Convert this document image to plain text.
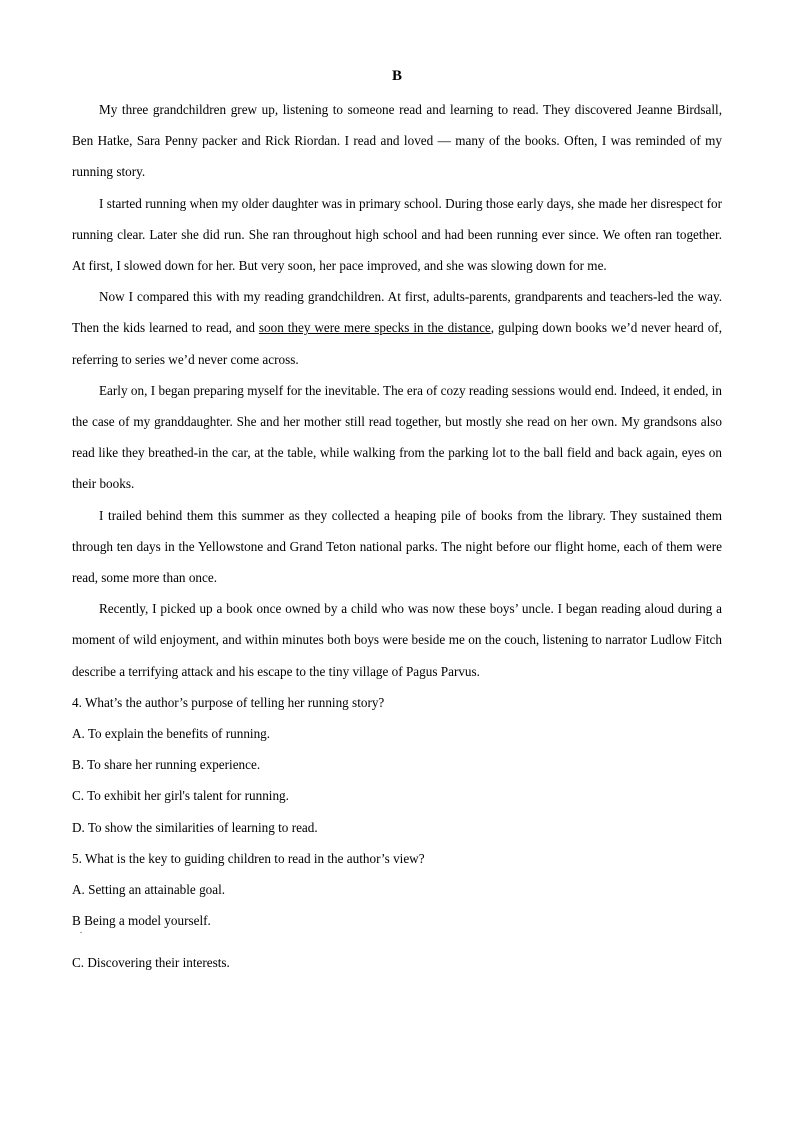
B

My three grandchildren grew up, listening to someone read and learning to read. They discovered Jeanne Birdsall, Ben Hatke, Sara Penny packer and Rick Riordan. I read and loved — many of the books. Often, I was reminded of my running story.

I started running when my older daughter was in primary school. During those early days, she made her disrespect for running clear. Later she did run. She ran throughout high school and had been running ever since. We often ran together. At first, I slowed down for her. But very soon, her pace improved, and she was slowing down for me.

Now I compared this with my reading grandchildren. At first, adults-parents, grandparents and teachers-led the way. Then the kids learned to read, and soon they were mere specks in the distance, gulping down books we’d never heard of, referring to series we’d never come across.

Early on, I began preparing myself for the inevitable. The era of cozy reading sessions would end. Indeed, it ended, in the case of my granddaughter. She and her mother still read together, but mostly she read on her own. My grandsons also read like they breathed-in the car, at the table, while walking from the parking lot to the ball field and back again, eyes on their books.

I trailed behind them this summer as they collected a heaping pile of books from the library. They sustained them through ten days in the Yellowstone and Grand Teton national parks. The night before our flight home, each of them were read, some more than once.

Recently, I picked up a book once owned by a child who was now these boys’ uncle. I began reading aloud during a moment of wild enjoyment, and within minutes both boys were beside me on the couch, listening to narrator Ludlow Fitch describe a terrifying attack and his escape to the tiny village of Pagus Parvus.

4. What’s the author’s purpose of telling her running story?
A. To explain the benefits of running.
B. To share her running experience.
C. To exhibit her girl's talent for running.
D. To show the similarities of learning to read.
5. What is the key to guiding children to read in the author’s view?
A. Setting an attainable goal.
B Being a model yourself.
.
C. Discovering their interests.
